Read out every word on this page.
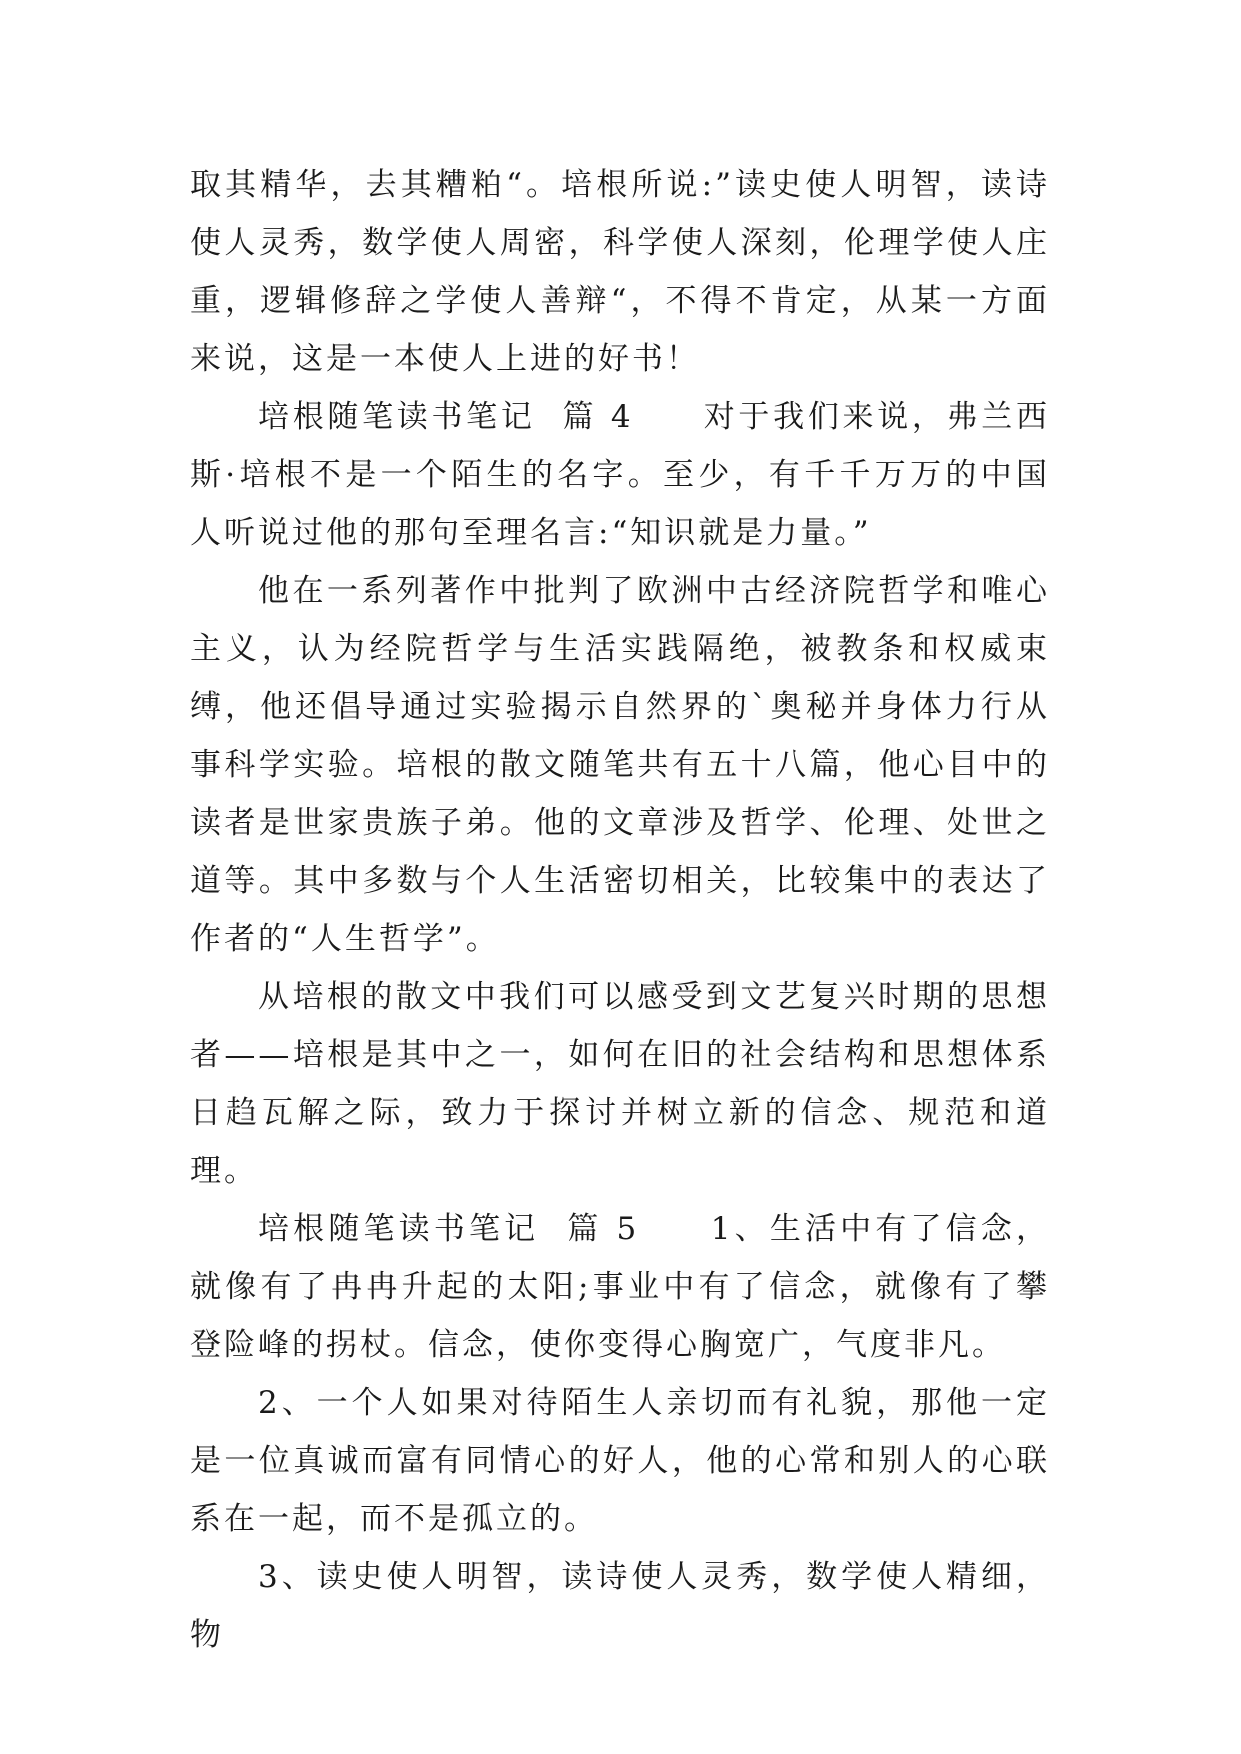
取其精华，去其糟粕“。培根所说:”读史使人明智，读诗使人灵秀，数学使人周密，科学使人深刻，伦理学使人庄重，逻辑修辞之学使人善辩“，不得不肯定，从某一方面来说，这是一本使人上进的好书！

培根随笔读书笔记  篇 4　　 对于我们来说，弗兰西斯·培根不是一个陌生的名字。至少，有千千万万的中国人听说过他的那句至理名言:“知识就是力量。”

他在一系列著作中批判了欧洲中古经济院哲学和唯心主义，认为经院哲学与生活实践隔绝，被教条和权威束缚，他还倡导通过实验揭示自然界的`奥秘并身体力行从事科学实验。培根的散文随笔共有五十八篇，他心目中的读者是世家贵族子弟。他的文章涉及哲学、伦理、处世之道等。其中多数与个人生活密切相关，比较集中的表达了作者的“人生哲学”。

从培根的散文中我们可以感受到文艺复兴时期的思想者——培根是其中之一，如何在旧的社会结构和思想体系日趋瓦解之际，致力于探讨并树立新的信念、规范和道理。

培根随笔读书笔记  篇 5　　 1、生活中有了信念，就像有了冉冉升起的太阳;事业中有了信念，就像有了攀登险峰的拐杖。信念，使你变得心胸宽广，气度非凡。

2、一个人如果对待陌生人亲切而有礼貌，那他一定是一位真诚而富有同情心的好人，他的心常和别人的心联系在一起，而不是孤立的。

3、读史使人明智，读诗使人灵秀，数学使人精细，物
